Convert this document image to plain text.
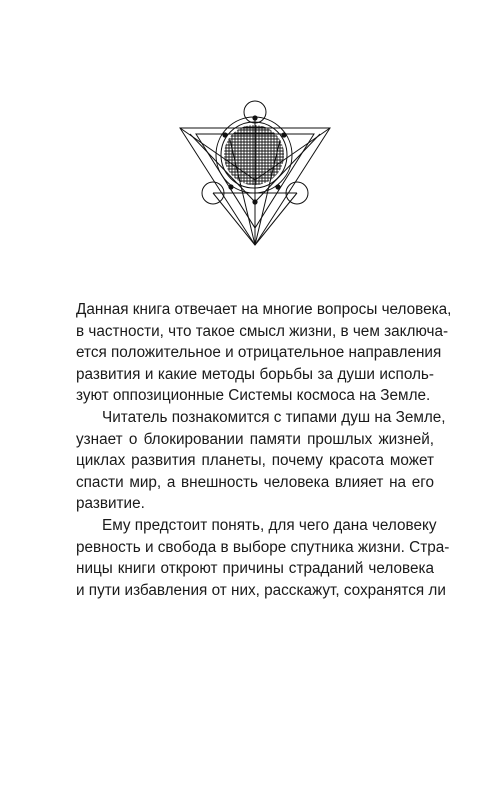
Данная книга отвечает на многие вопросы человека,
в частности, что такое смысл жизни, в чем заключа-
ется положительное и отрицательное направления
развития и какие методы борьбы за души исполь-
зуют оппозиционные Системы космоса на Земле.
Читатель познакомится с типами душ на Земле,
узнает о блокировании памяти прошлых жизней,
циклах развития планеты, почему красота может
спасти мир, а внешность человека влияет на его
развитие.
Ему предстоит понять, для чего дана человеку
ревность и свобода в выборе спутника жизни. Стра-
ницы книги откроют причины страданий человека
и пути избавления от них, расскажут, сохранятся ли
